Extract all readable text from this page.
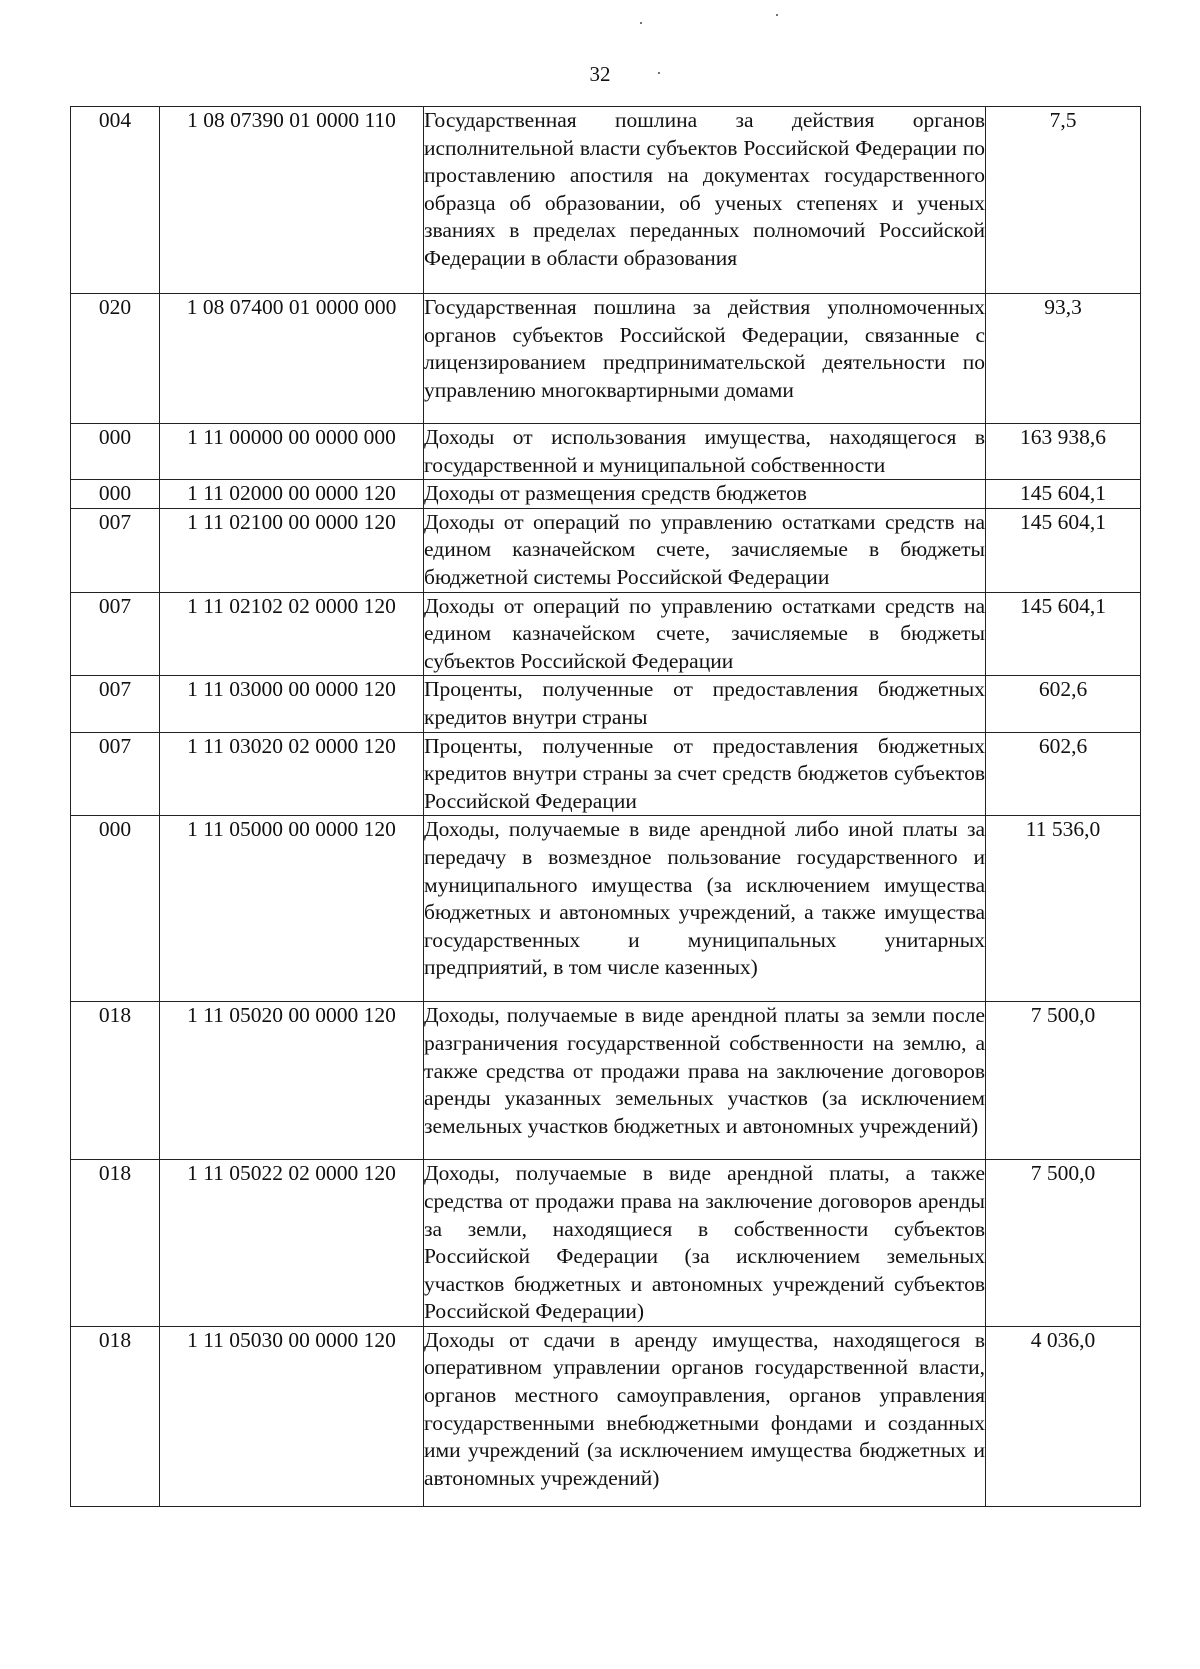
32
004	1 08 07390 01 0000 110	Государственная пошлина за действия органов исполнительной власти субъектов Российской Федерации по проставлению апостиля на документах государственного образца об образовании, об ученых степенях и ученых званиях в пределах переданных полномочий Российской Федерации в области образования	7,5
020	1 08 07400 01 0000 000	Государственная пошлина за действия уполномоченных органов субъектов Российской Федерации, связанные с лицензированием предпринимательской деятельности по управлению многоквартирными домами	93,3
000	1 11 00000 00 0000 000	Доходы от использования имущества, находящегося в государственной и муниципальной собственности	163 938,6
000	1 11 02000 00 0000 120	Доходы от размещения средств бюджетов	145 604,1
007	1 11 02100 00 0000 120	Доходы от операций по управлению остатками средств на едином казначейском счете, зачисляемые в бюджеты бюджетной системы Российской Федерации	145 604,1
007	1 11 02102 02 0000 120	Доходы от операций по управлению остатками средств на едином казначейском счете, зачисляемые в бюджеты субъектов Российской Федерации	145 604,1
007	1 11 03000 00 0000 120	Проценты, полученные от предоставления бюджетных кредитов внутри страны	602,6
007	1 11 03020 02 0000 120	Проценты, полученные от предоставления бюджетных кредитов внутри страны за счет средств бюджетов субъектов Российской Федерации	602,6
000	1 11 05000 00 0000 120	Доходы, получаемые в виде арендной либо иной платы за передачу в возмездное пользование государственного и муниципального имущества (за исключением имущества бюджетных и автономных учреждений, а также имущества государственных и муниципальных унитарных предприятий, в том числе казенных)	11 536,0
018	1 11 05020 00 0000 120	Доходы, получаемые в виде арендной платы за земли после разграничения государственной собственности на землю, а также средства от продажи права на заключение договоров аренды указанных земельных участков (за исключением земельных участков бюджетных и автономных учреждений)	7 500,0
018	1 11 05022 02 0000 120	Доходы, получаемые в виде арендной платы, а также средства от продажи права на заключение договоров аренды за земли, находящиеся в собственности субъектов Российской Федерации (за исключением земельных участков бюджетных и автономных учреждений субъектов Российской Федерации)	7 500,0
018	1 11 05030 00 0000 120	Доходы от сдачи в аренду имущества, находящегося в оперативном управлении органов государственной власти, органов местного самоуправления, органов управления государственными внебюджетными фондами и созданных ими учреждений (за исключением имущества бюджетных и автономных учреждений)	4 036,0
